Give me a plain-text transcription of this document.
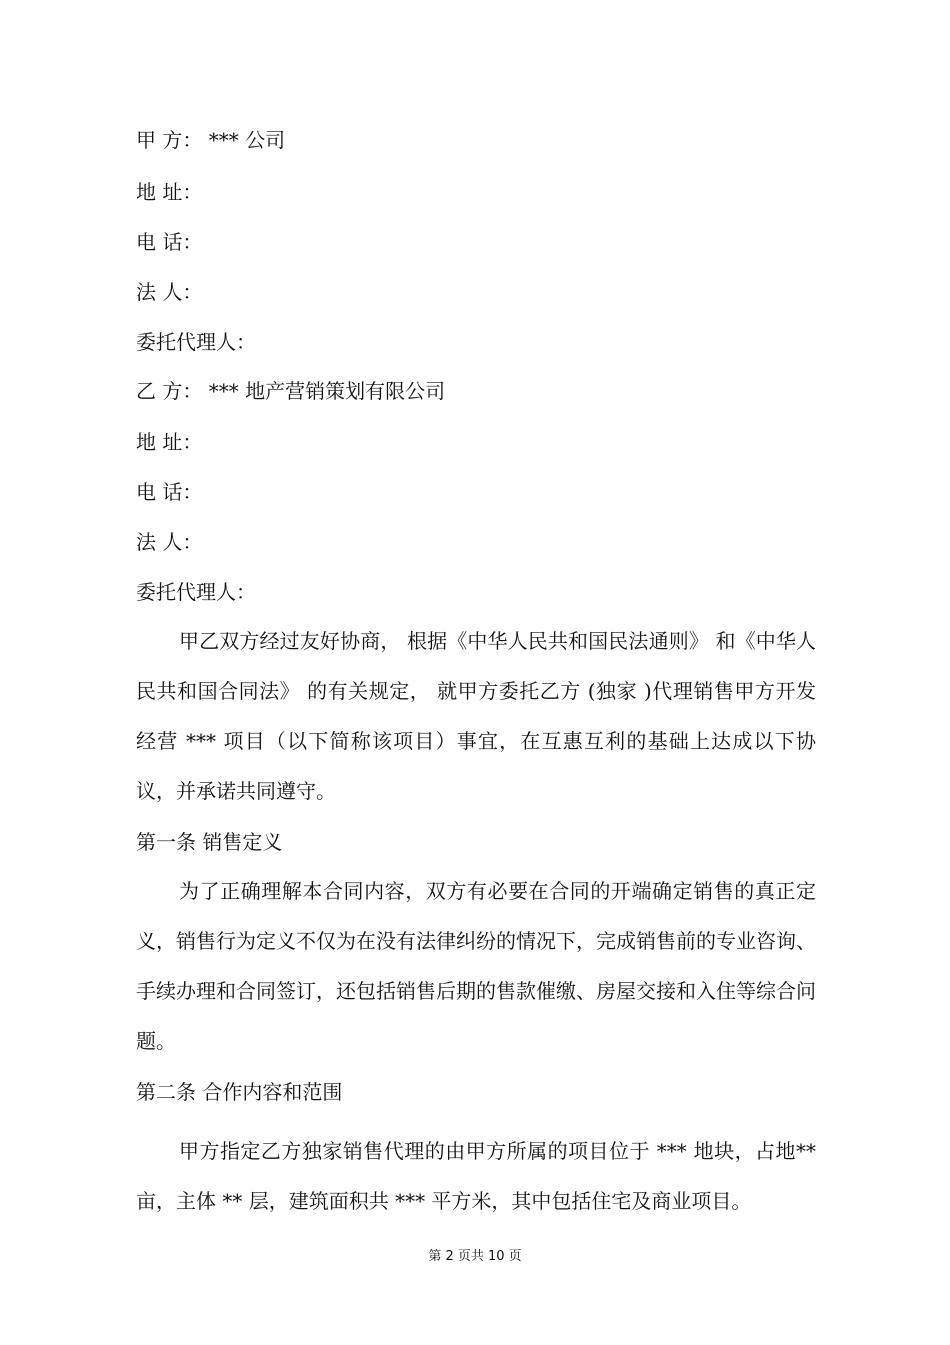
甲 方： *** 公司
地 址：
电 话：
法 人：
委托代理人：
乙 方： *** 地产营销策划有限公司
地 址：
电 话：
法 人：
委托代理人：

甲乙双方经过友好协商， 根据《中华人民共和国民法通则》 和《中华人民共和国合同法》 的有关规定， 就甲方委托乙方 (独家 )代理销售甲方开发经营 *** 项目（以下简称该项目）事宜，在互惠互利的基础上达成以下协议，并承诺共同遵守。

第一条 销售定义

为了正确理解本合同内容，双方有必要在合同的开端确定销售的真正定义，销售行为定义不仅为在没有法律纠纷的情况下，完成销售前的专业咨询、手续办理和合同签订，还包括销售后期的售款催缴、房屋交接和入住等综合问题。

第二条 合作内容和范围

甲方指定乙方独家销售代理的由甲方所属的项目位于 *** 地块，占地** 亩，主体 ** 层，建筑面积共 *** 平方米，其中包括住宅及商业项目。

第 2 页共 10 页
